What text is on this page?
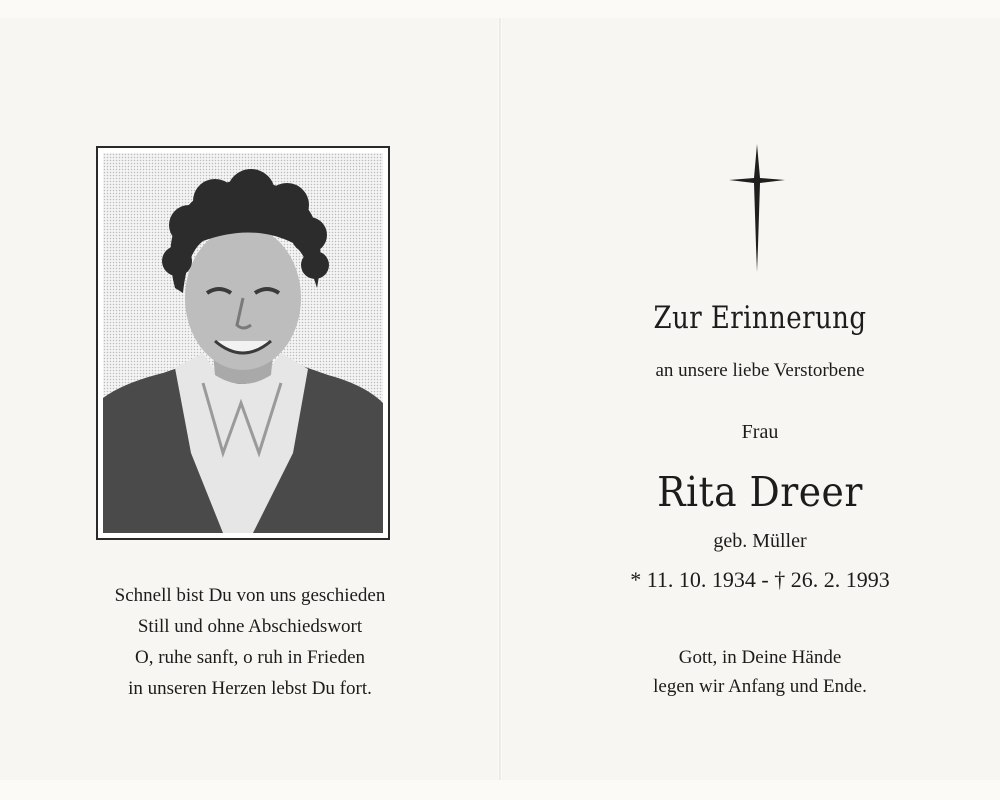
Schnell bist Du von uns geschieden
Still und ohne Abschiedswort
O, ruhe sanft, o ruh in Frieden
in unseren Herzen lebst Du fort.
Zur Erinnerung
an unsere liebe Verstorbene
Frau
Rita Dreer
geb. Müller
* 11. 10. 1934 - † 26. 2. 1993
Gott, in Deine Hände
legen wir Anfang und Ende.
